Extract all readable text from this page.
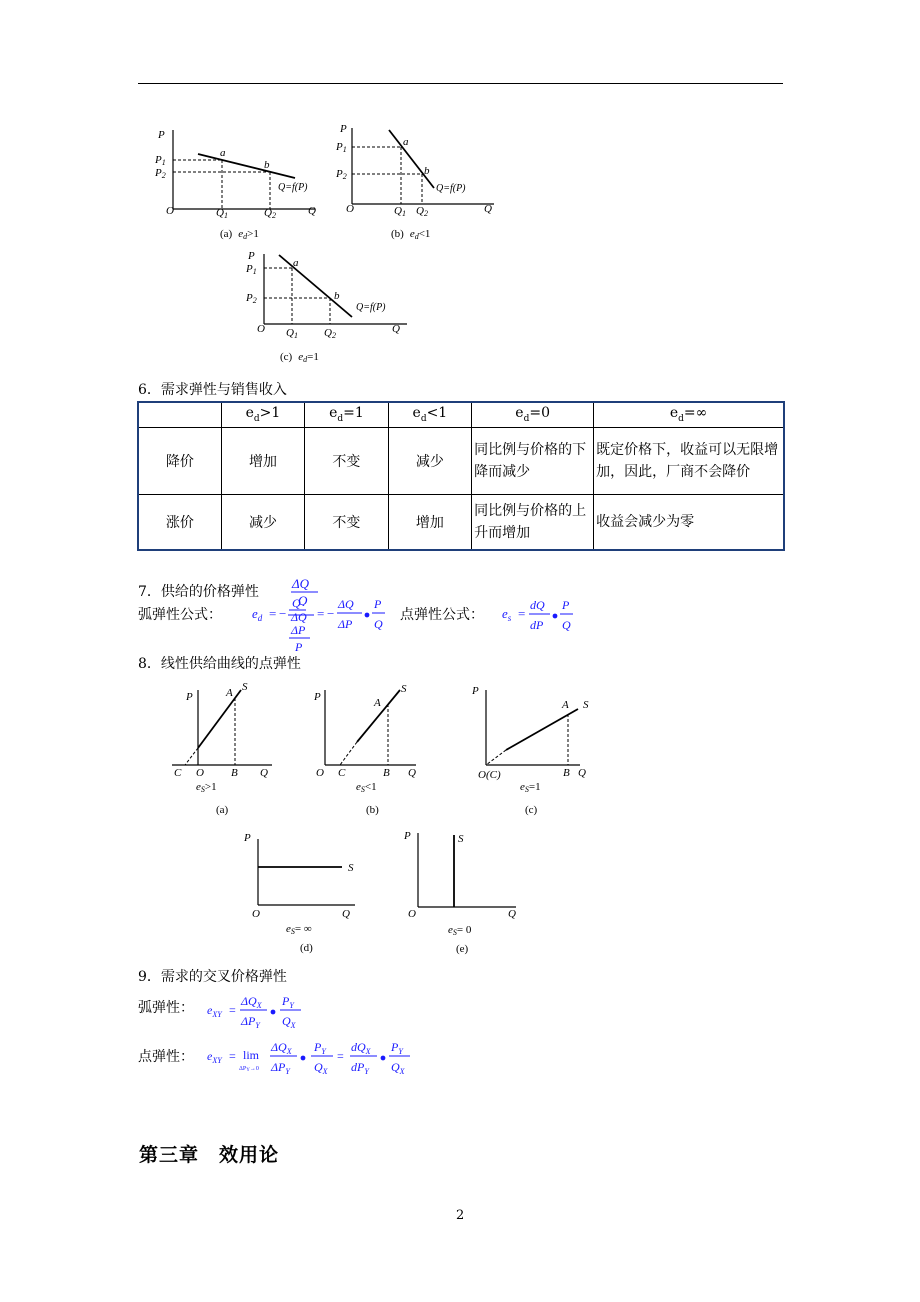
P
P1
P2
a
b
Q=f(P)
O	Q1	Q2	Q
(a) ed>1
P
P1
P2
a
b
Q=f(P)
O	Q1 Q2	Q
(b) ed<1
P
P1
P2
a
b
Q=f(P)
O Q1 Q2
Q
(c) ed=1
6．需求弹性与销售收入
	$e_d>1$	$e_d=1$	$e_d<1$	$e_d=0$	$e_d=\infty$
降价	增加	不变	减少	同比例与价格的下降而减少	既定价格下，收益可以无限增加，因此，厂商不会降价
涨价	减少	不变	增加	同比例与价格的上升而增加	收益会减少为零
7．供给的价格弹性
ΔQ
Q
弧弹性公式： $e_d$ = −
Q
ΔQ
ΔP
P
= −
ΔQ
ΔP
P
Q
点弹性公式： $e_s$ =
dQ
dP
P
Q
8．线性供给曲线的点弹性
P	A S
C O B Q
eS>1
(a)
P	A
S
O C	B Q
eS<1
(b)
P
A S
O(C)	B Q
eS=1
(c)
P
S
O	Q
eS= ∞
(d)
P	S
O	Q
eS= 0
(e)
9．需求的交叉价格弹性
弧弹性： $e_{XY}$ =
$\Delta Q_X$
$\Delta P_Y$
$P_Y$
$Q_X$
点弹性： $e_{XY} = \lim$
ΔPY→0
$\Delta Q_X$
$\Delta P_Y$
$P_Y$
$Q_X$
=
$dQ_X$
$dP_Y$
$P_Y$
$Q_X$
第三章　效用论
2
